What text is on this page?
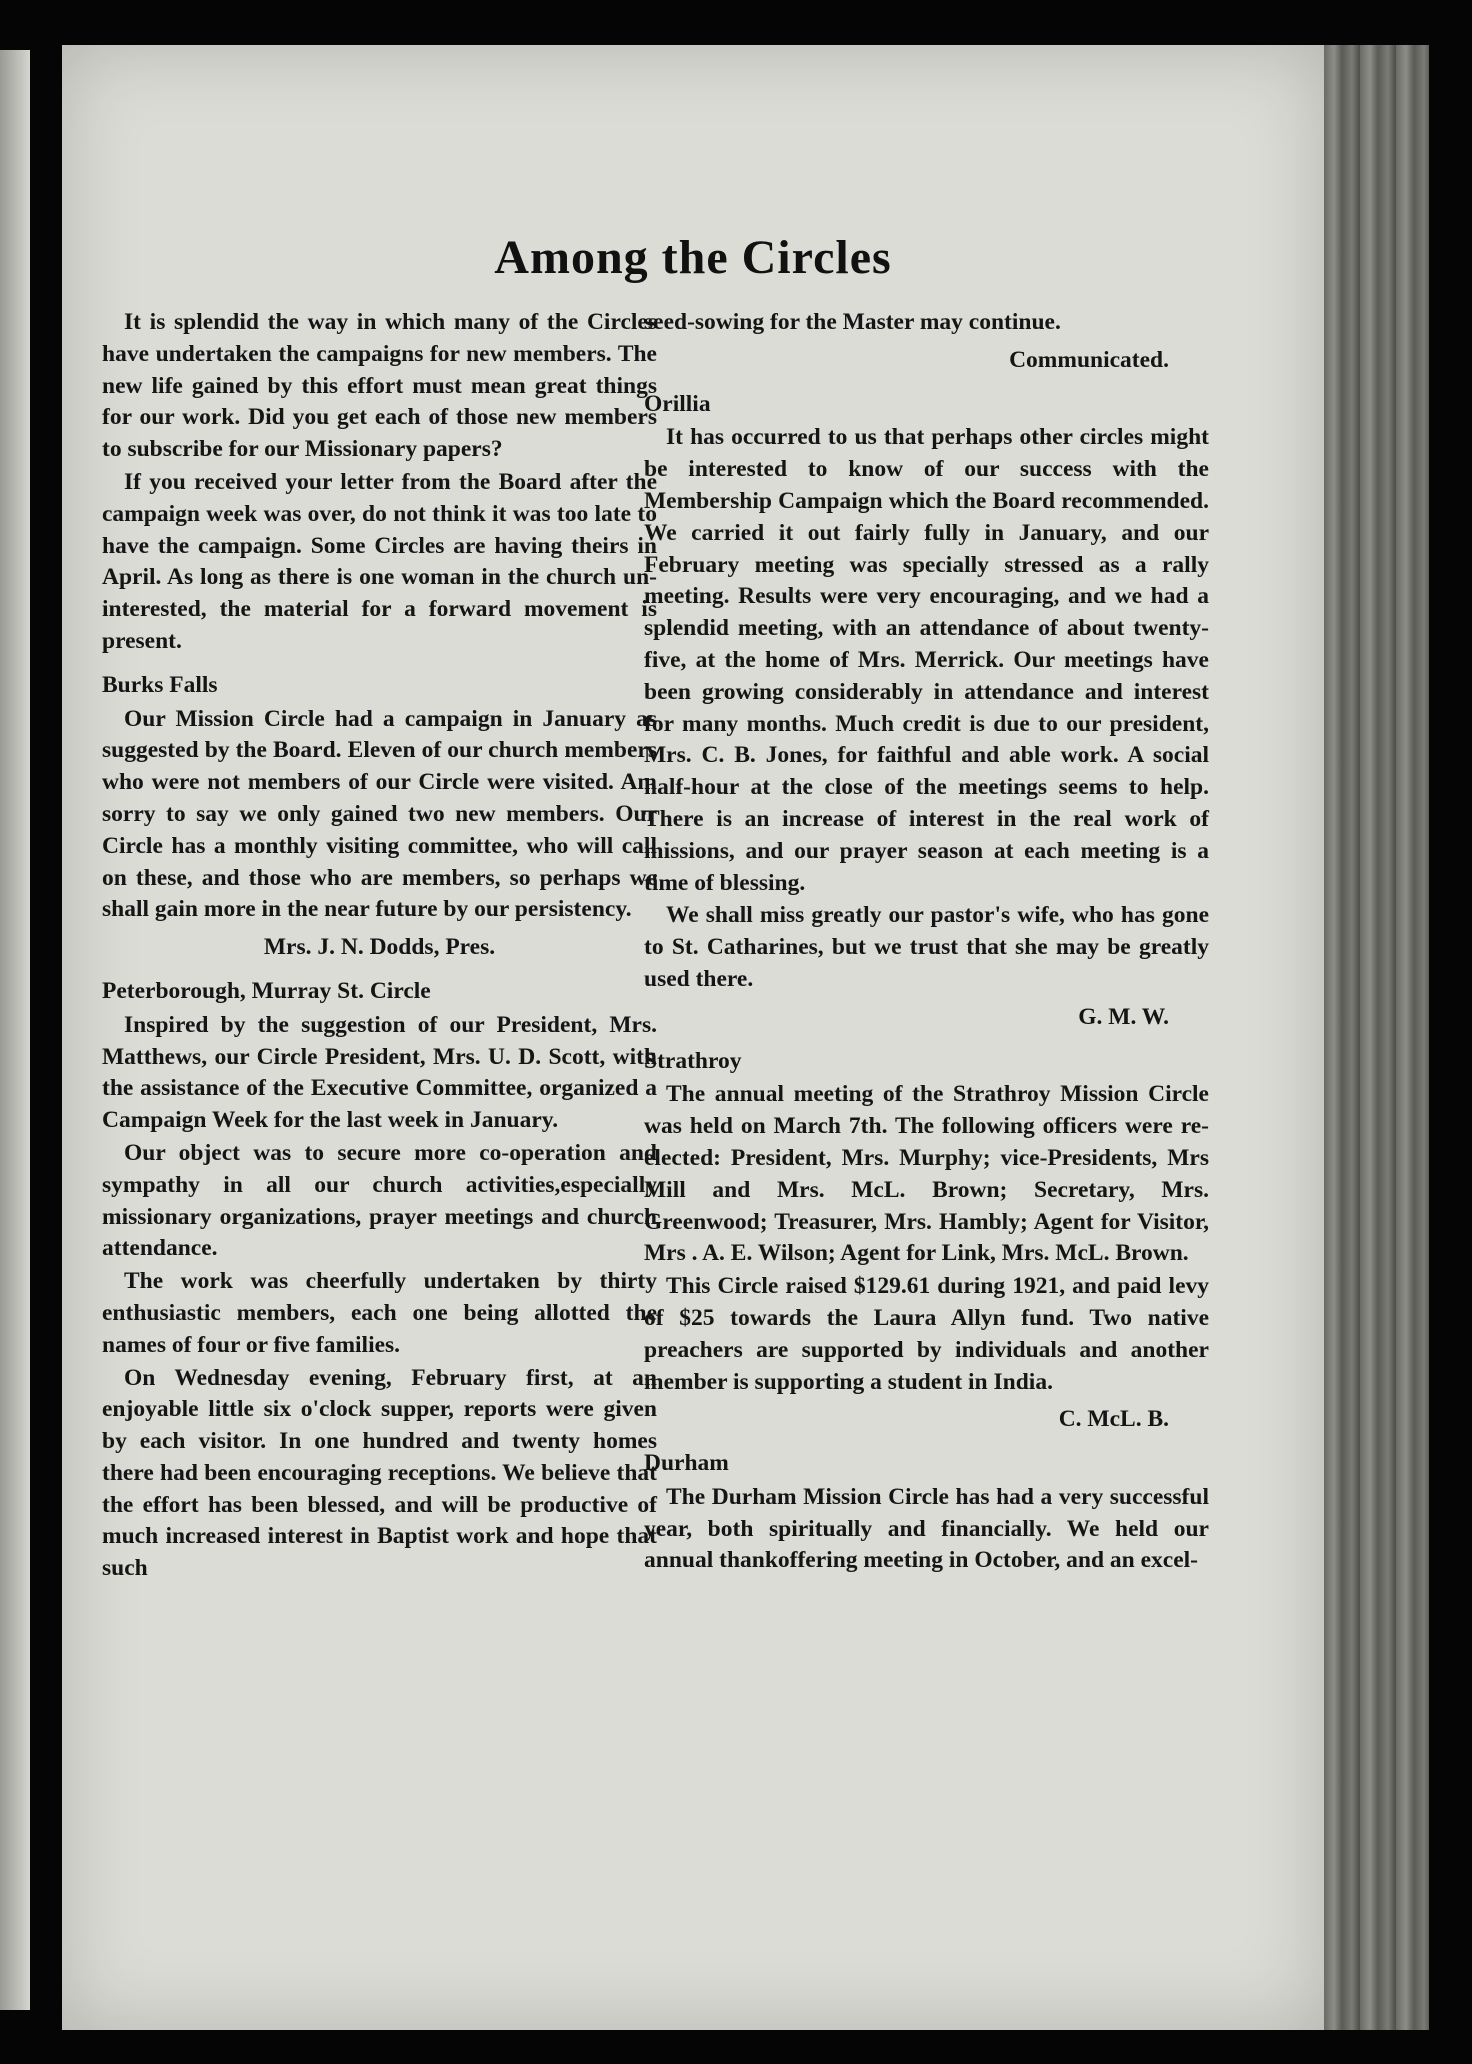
Among the Circles

It is splendid the way in which many of the Circles have undertaken the campaigns for new members. The new life gained by this effort must mean great things for our work. Did you get each of those new members to subscribe for our Missionary papers?

If you received your letter from the Board after the campaign week was over, do not think it was too late to have the campaign. Some Circles are having theirs in April. As long as there is one woman in the church un-interested, the material for a forward movement is present.

Burks Falls

Our Mission Circle had a campaign in January as suggested by the Board. Eleven of our church members who were not members of our Circle were visited. Am sorry to say we only gained two new members. Our Circle has a monthly visiting committee, who will call on these, and those who are members, so perhaps we shall gain more in the near future by our persistency.

Mrs. J. N. Dodds, Pres.
Peterborough, Murray St. Circle

Inspired by the suggestion of our President, Mrs. Matthews, our Circle President, Mrs. U. D. Scott, with the assistance of the Executive Committee, organized a Campaign Week for the last week in January.

Our object was to secure more co-operation and sympathy in all our church activities,especially missionary organizations, prayer meetings and church attendance.

The work was cheerfully undertaken by thirty enthusiastic members, each one being allotted the names of four or five families.

On Wednesday evening, February first, at an enjoyable little six o'clock supper, reports were given by each visitor. In one hundred and twenty homes there had been encouraging receptions. We believe that the effort has been blessed, and will be productive of much increased interest in Baptist work and hope that such

seed-sowing for the Master may continue.

Communicated.
Orillia

It has occurred to us that perhaps other circles might be interested to know of our success with the Membership Campaign which the Board recommended. We carried it out fairly fully in January, and our February meeting was specially stressed as a rally meeting. Results were very encouraging, and we had a splendid meeting, with an attendance of about twenty-five, at the home of Mrs. Merrick. Our meetings have been growing considerably in attendance and interest for many months. Much credit is due to our president, Mrs. C. B. Jones, for faithful and able work. A social half-hour at the close of the meetings seems to help. There is an increase of interest in the real work of missions, and our prayer season at each meeting is a time of blessing.

We shall miss greatly our pastor's wife, who has gone to St. Catharines, but we trust that she may be greatly used there.

G. M. W.
Strathroy

The annual meeting of the Strathroy Mission Circle was held on March 7th. The following officers were re-elected: President, Mrs. Murphy; vice-Presidents, Mrs Mill and Mrs. McL. Brown; Secretary, Mrs. Greenwood; Treasurer, Mrs. Hambly; Agent for Visitor, Mrs . A. E. Wilson; Agent for Link, Mrs. McL. Brown.

This Circle raised $129.61 during 1921, and paid levy of $25 towards the Laura Allyn fund. Two native preachers are supported by individuals and another member is supporting a student in India.

C. McL. B.
Durham

The Durham Mission Circle has had a very successful year, both spiritually and financially. We held our annual thankoffering meeting in October, and an excel-
